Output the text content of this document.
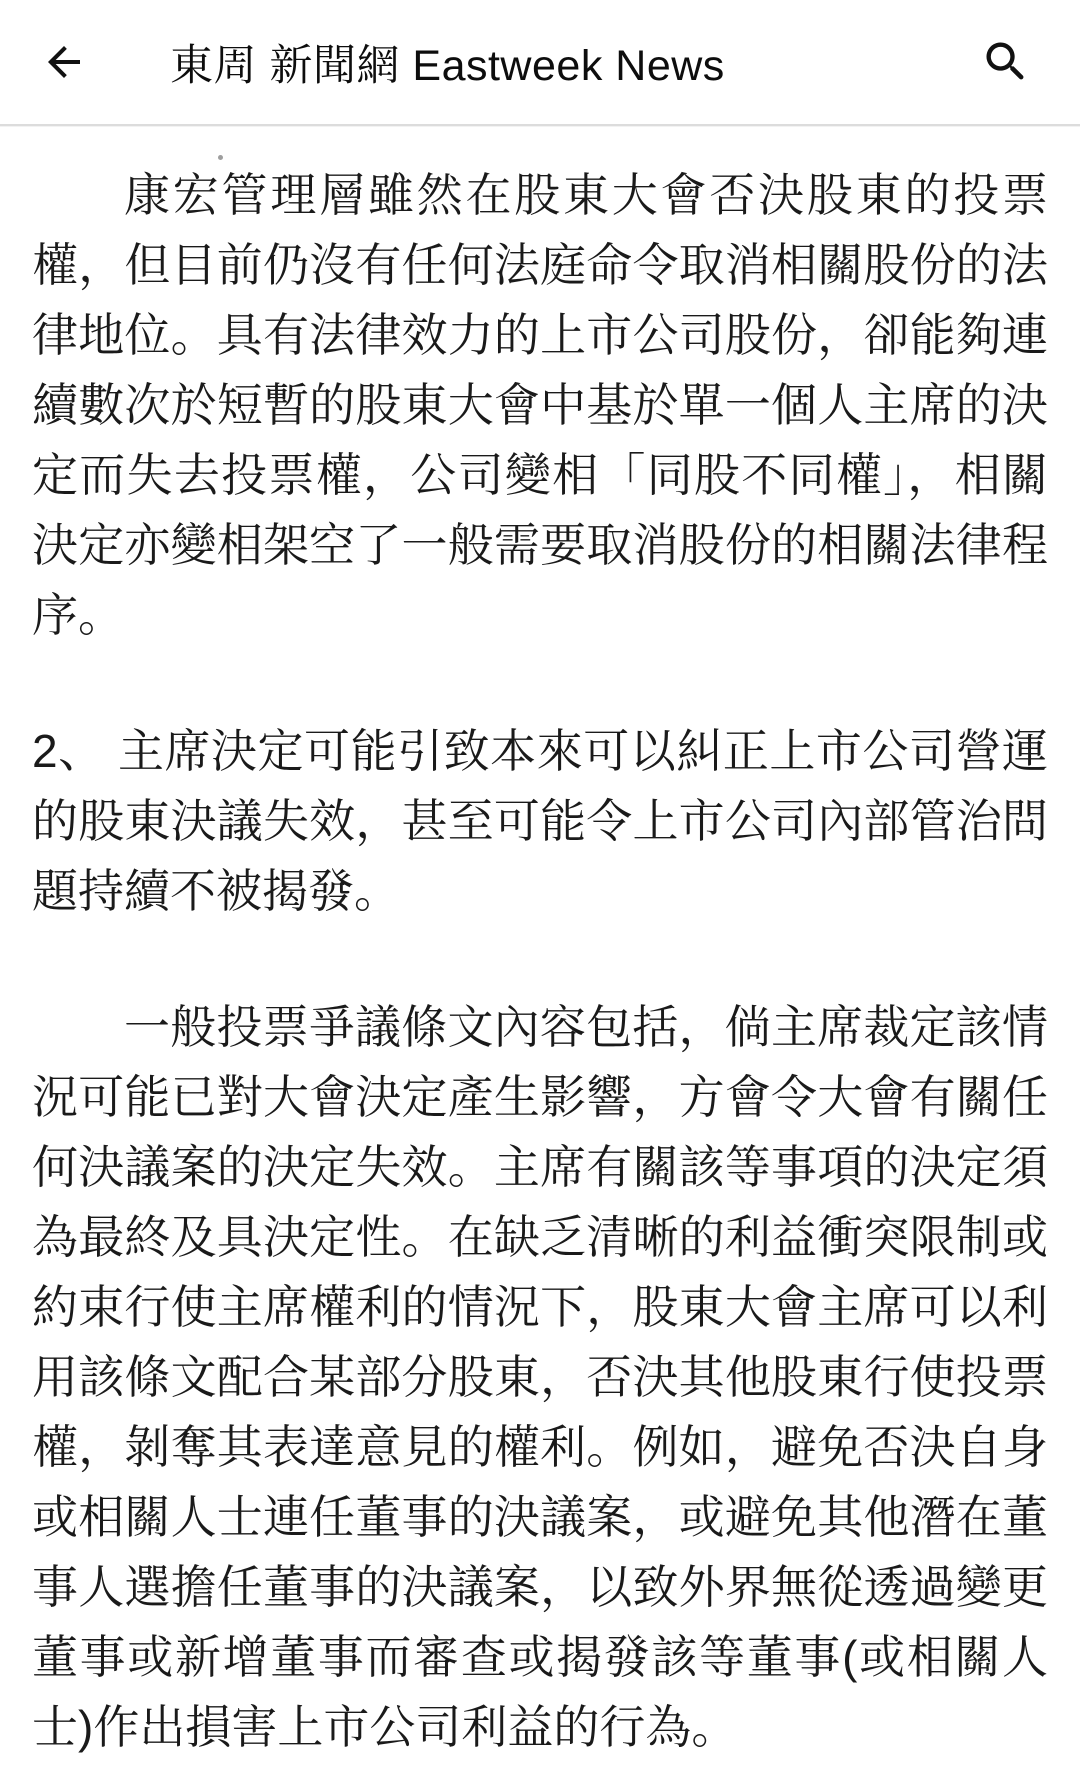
東周 新聞網 Eastweek News

康宏管理層雖然在股東大會否決股東的投票權，但目前仍沒有任何法庭命令取消相關股份的法律地位。具有法律效力的上市公司股份，卻能夠連續數次於短暫的股東大會中基於單一個人主席的決定而失去投票權，公司變相「同股不同權」，相關決定亦變相架空了一般需要取消股份的相關法律程序。

2、 主席決定可能引致本來可以糾正上市公司營運的股東決議失效，甚至可能令上市公司內部管治問題持續不被揭發。

一般投票爭議條文內容包括，倘主席裁定該情況可能已對大會決定產生影響，方會令大會有關任何決議案的決定失效。主席有關該等事項的決定須為最終及具決定性。在缺乏清晰的利益衝突限制或約束行使主席權利的情況下，股東大會主席可以利用該條文配合某部分股東，否決其他股東行使投票權，剝奪其表達意見的權利。例如，避免否決自身或相關人士連任董事的決議案，或避免其他潛在董事人選擔任董事的決議案，以致外界無從透過變更董事或新增董事而審查或揭發該等董事(或相關人士)作出損害上市公司利益的行為。
